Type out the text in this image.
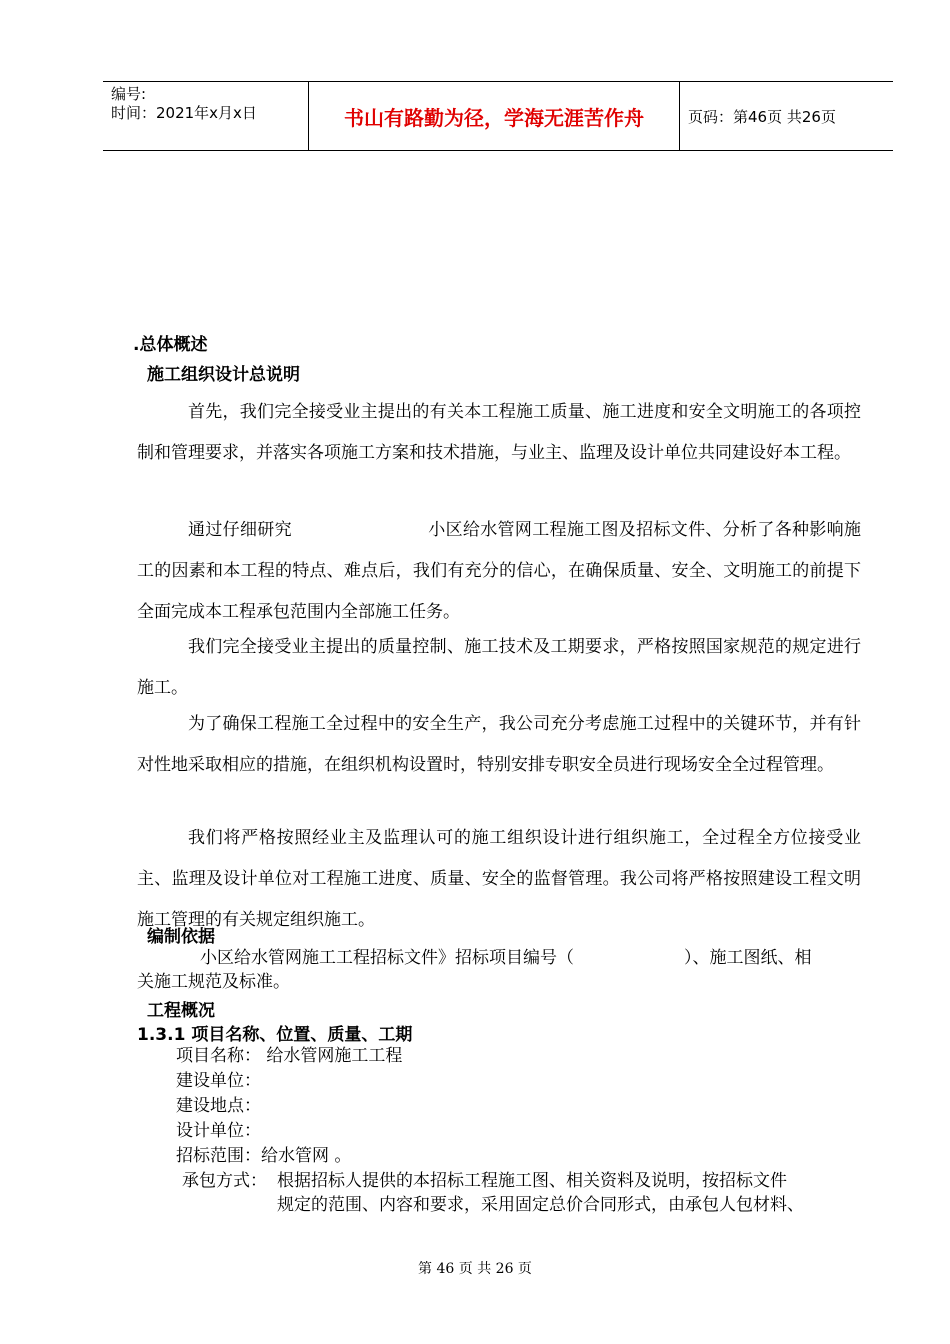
编号:
时间：2021年x月x日	书山有路勤为径，学海无涯苦作舟	页码：第46页 共26页
.总体概述
施工组织设计总说明
首先，我们完全接受业主提出的有关本工程施工质量、施工进度和安全文明施工的各项控制和管理要求，并落实各项施工方案和技术措施，与业主、监理及设计单位共同建设好本工程。
通过仔细研究	小区给水管网工程施工图及招标文件、分析了各种影响施工的因素和本工程的特点、难点后，我们有充分的信心，在确保质量、安全、文明施工的前提下全面完成本工程承包范围内全部施工任务。
我们完全接受业主提出的质量控制、施工技术及工期要求，严格按照国家规范的规定进行施工。
为了确保工程施工全过程中的安全生产，我公司充分考虑施工过程中的关键环节，并有针对性地采取相应的措施，在组织机构设置时，特别安排专职安全员进行现场安全全过程管理。
我们将严格按照经业主及监理认可的施工组织设计进行组织施工，全过程全方位接受业主、监理及设计单位对工程施工进度、质量、安全的监督管理。我公司将严格按照建设工程文明施工管理的有关规定组织施工。
编制依据
小区给水管网施工工程招标文件》招标项目编号（	）、施工图纸、相
关施工规范及标准。
工程概况
1.3.1 项目名称、位置、质量、工期
项目名称： 给水管网施工工程
建设单位：
建设地点：
设计单位：
招标范围：给水管网 。
承包方式： 根据招标人提供的本招标工程施工图、相关资料及说明，按招标文件
规定的范围、内容和要求，采用固定总价合同形式，由承包人包材料、
第 46 页 共 26 页
